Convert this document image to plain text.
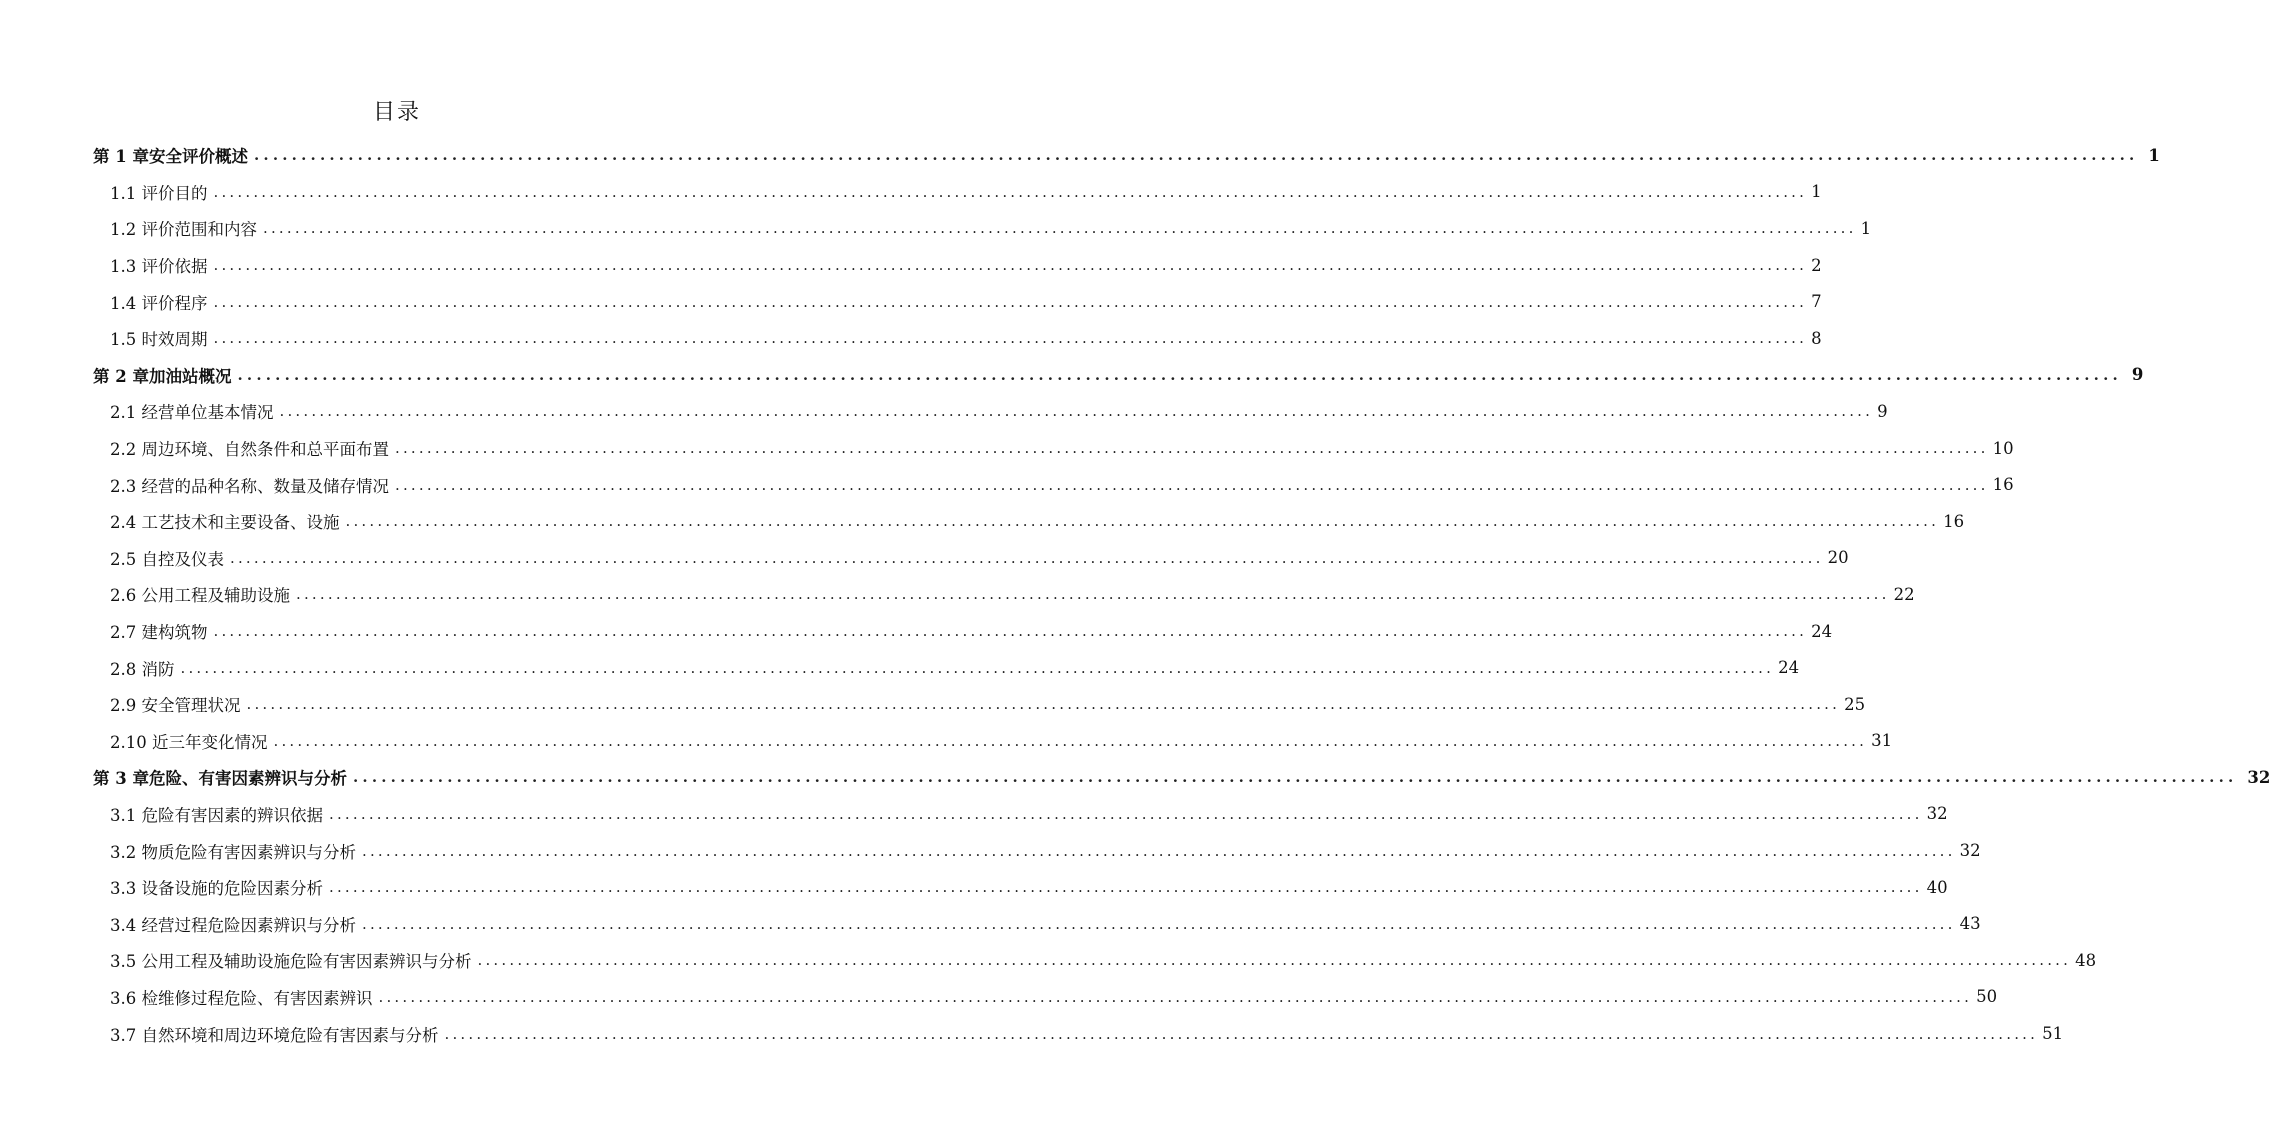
目录
第 1 章安全评价概述 ........................................................................................................................................................................................................ 1
1.1 评价目的 ........................................................................................................................................................................................................ 1
1.2 评价范围和内容 ........................................................................................................................................................................................................ 1
1.3 评价依据 ........................................................................................................................................................................................................ 2
1.4 评价程序 ........................................................................................................................................................................................................ 7
1.5 时效周期 ........................................................................................................................................................................................................ 8
第 2 章加油站概况 ........................................................................................................................................................................................................ 9
2.1 经营单位基本情况 ........................................................................................................................................................................................................ 9
2.2 周边环境、自然条件和总平面布置 ........................................................................................................................................................................................................ 10
2.3 经营的品种名称、数量及储存情况 ........................................................................................................................................................................................................ 16
2.4 工艺技术和主要设备、设施 ........................................................................................................................................................................................................ 16
2.5 自控及仪表 ........................................................................................................................................................................................................ 20
2.6 公用工程及辅助设施 ........................................................................................................................................................................................................ 22
2.7 建构筑物 ........................................................................................................................................................................................................ 24
2.8 消防 ........................................................................................................................................................................................................ 24
2.9 安全管理状况 ........................................................................................................................................................................................................ 25
2.10 近三年变化情况 ........................................................................................................................................................................................................ 31
第 3 章危险、有害因素辨识与分析 ........................................................................................................................................................................................................ 32
3.1 危险有害因素的辨识依据 ........................................................................................................................................................................................................ 32
3.2 物质危险有害因素辨识与分析 ........................................................................................................................................................................................................ 32
3.3 设备设施的危险因素分析 ........................................................................................................................................................................................................ 40
3.4 经营过程危险因素辨识与分析 ........................................................................................................................................................................................................ 43
3.5 公用工程及辅助设施危险有害因素辨识与分析 ........................................................................................................................................................................................................ 48
3.6 检维修过程危险、有害因素辨识 ........................................................................................................................................................................................................ 50
3.7 自然环境和周边环境危险有害因素与分析 ........................................................................................................................................................................................................ 51
